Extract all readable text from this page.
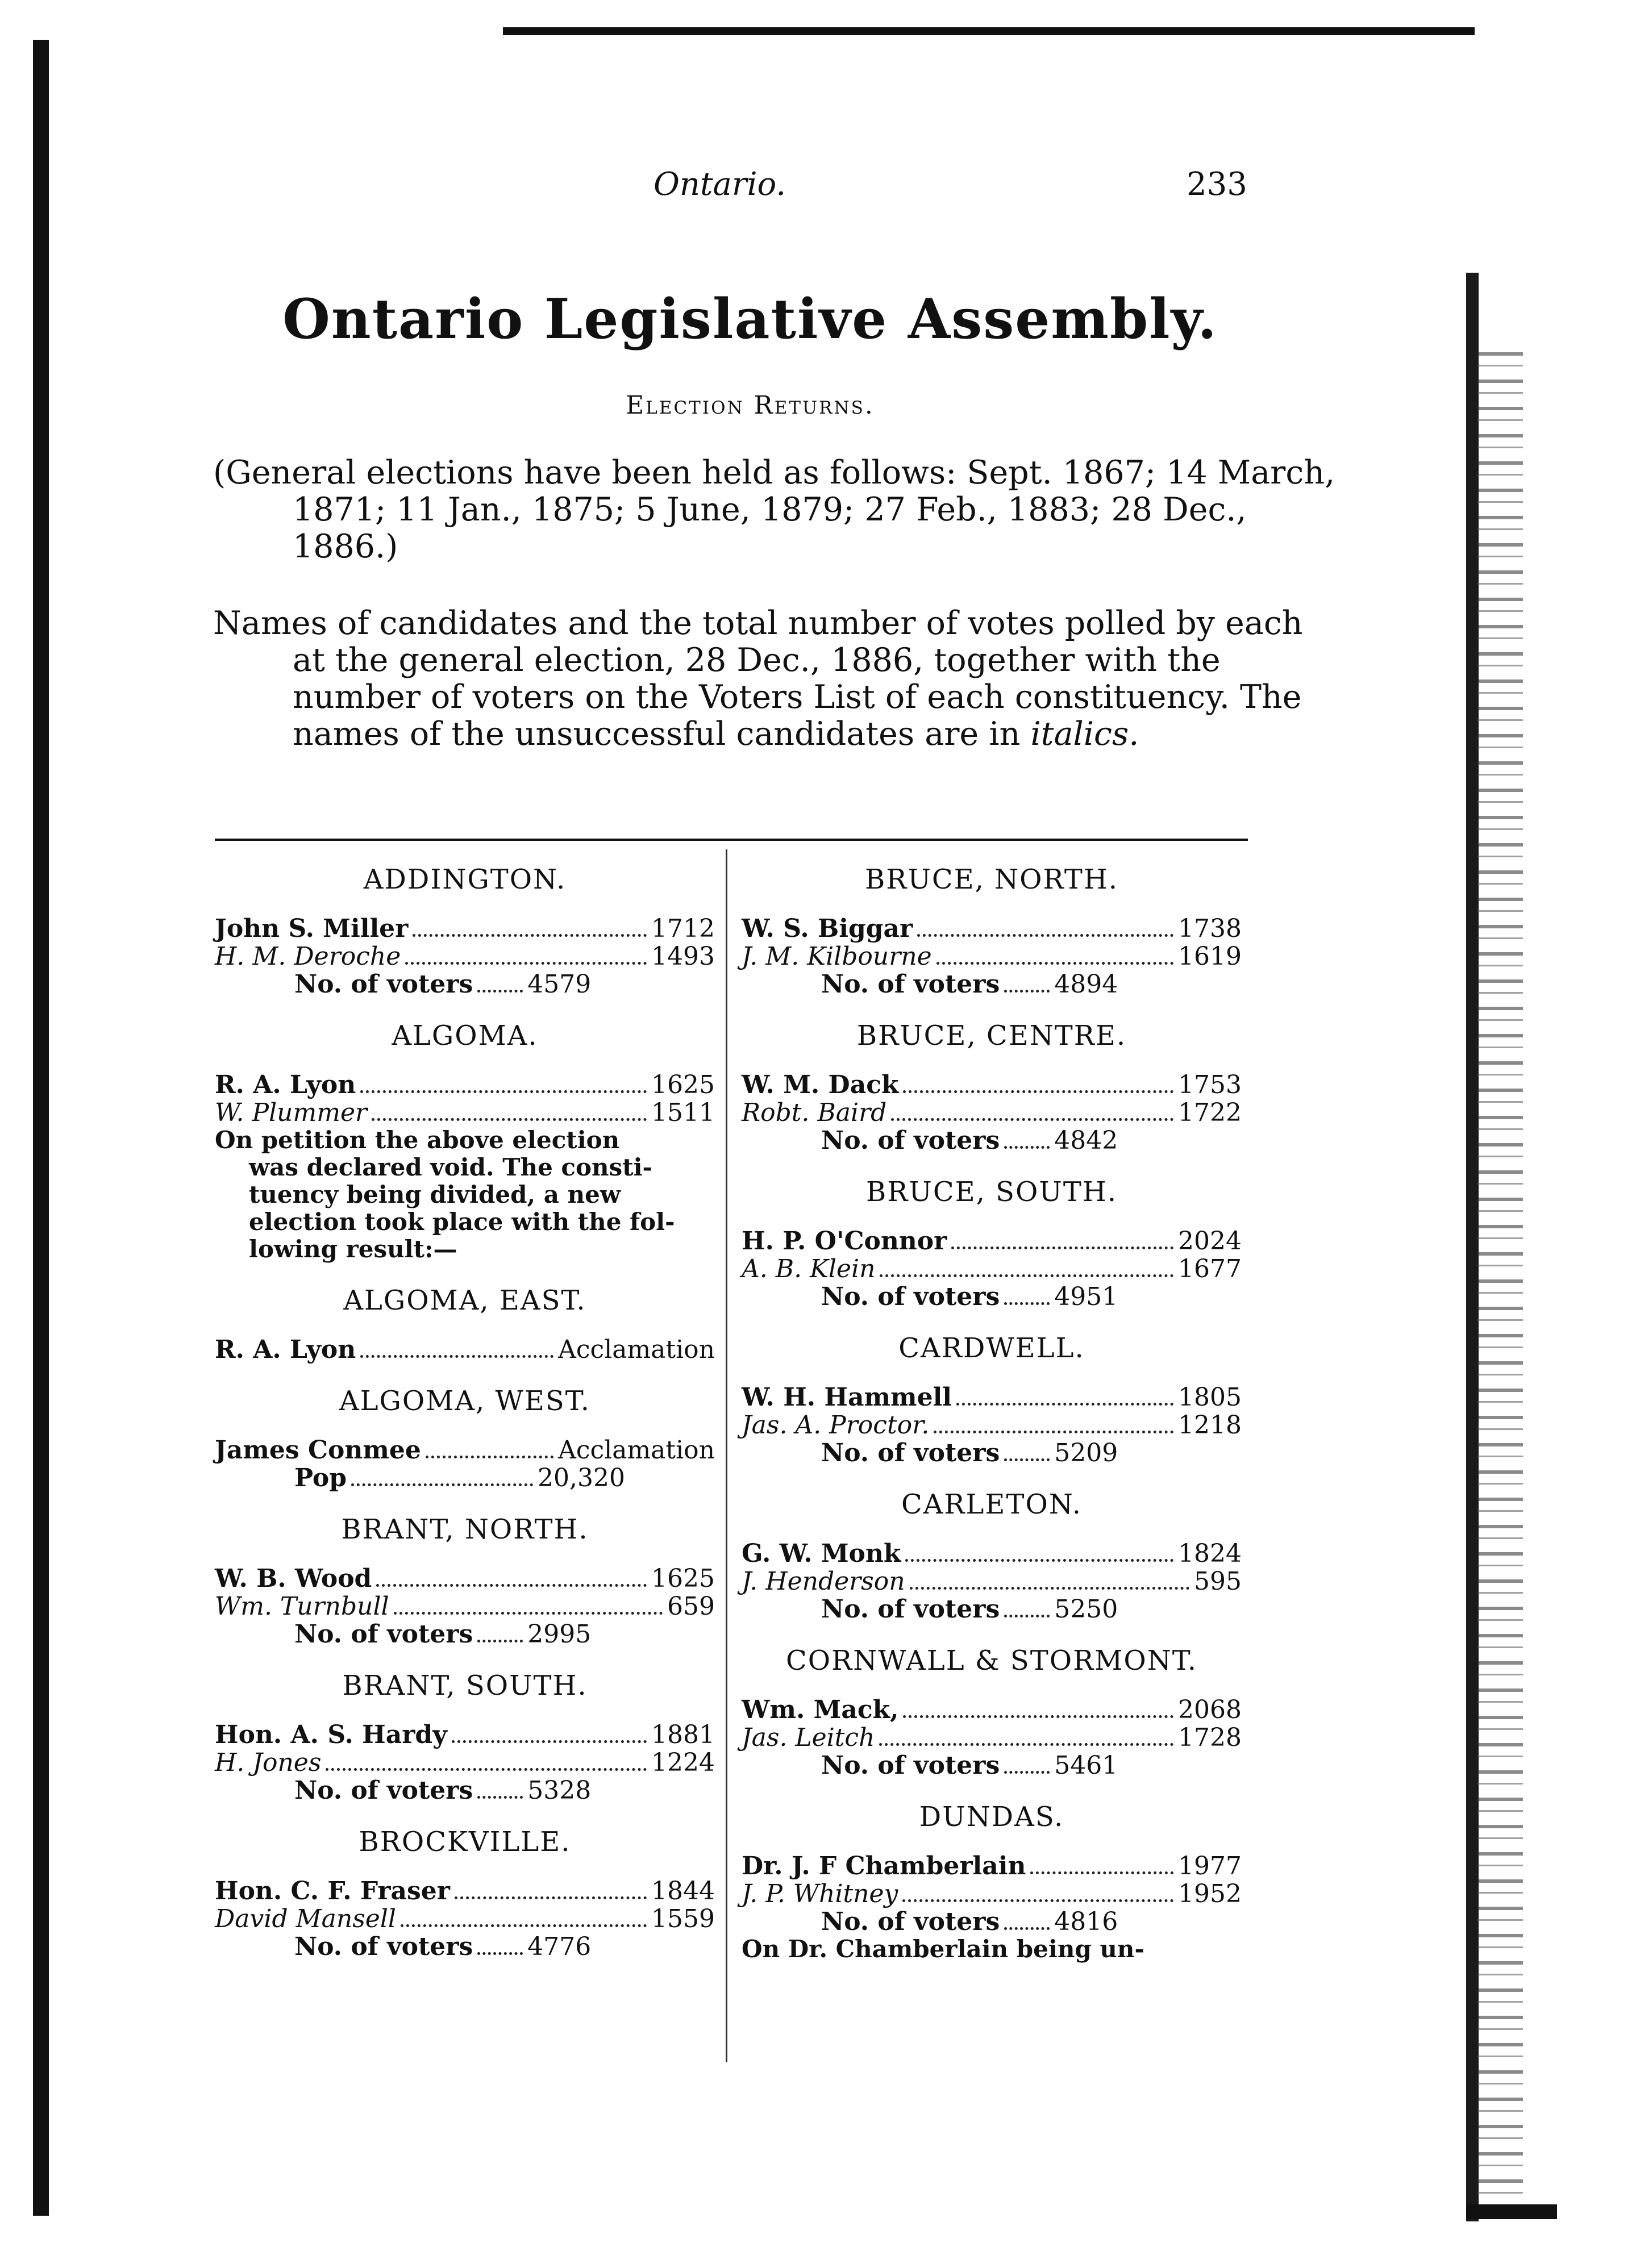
Ontario.	233
Ontario Legislative Assembly.
Election Returns.
(General elections have been held as follows: Sept. 1867; 14 March, 1871; 11 Jan., 1875; 5 June, 1879; 27 Feb., 1883; 28 Dec., 1886.)
Names of candidates and the total number of votes polled by each at the general election, 28 Dec., 1886, together with the number of voters on the Voters List of each constituency. The names of the unsuccessful candidates are in italics.
ADDINGTON.
John S. Miller	1712
H. M. Deroche	1493
No. of voters 4579
ALGOMA.
R. A. Lyon	1625
W. Plummer	1511
On petition the above election
was declared void. The consti-
tuency being divided, a new
election took place with the fol-
lowing result:—
ALGOMA, EAST.
R. A. Lyon	Acclamation
ALGOMA, WEST.
James Conmee	Acclamation
Pop	20,320
BRANT, NORTH.
W. B. Wood	1625
Wm. Turnbull	659
No. of voters 2995
BRANT, SOUTH.
Hon. A. S. Hardy	1881
H. Jones	1224
No. of voters 5328
BROCKVILLE.
Hon. C. F. Fraser	1844
David Mansell	1559
No. of voters 4776
BRUCE, NORTH.
W. S. Biggar	1738
J. M. Kilbourne	1619
No. of voters 4894
BRUCE, CENTRE.
W. M. Dack	1753
Robt. Baird	1722
No. of voters 4842
BRUCE, SOUTH.
H. P. O'Connor	2024
A. B. Klein	1677
No. of voters 4951
CARDWELL.
W. H. Hammell	1805
Jas. A. Proctor.	1218
No. of voters 5209
CARLETON.
G. W. Monk	1824
J. Henderson	595
No. of voters 5250
CORNWALL & STORMONT.
Wm. Mack,	2068
Jas. Leitch	1728
No. of voters 5461
DUNDAS.
Dr. J. F Chamberlain	1977
J. P. Whitney	1952
No. of voters 4816
On Dr. Chamberlain being un-
